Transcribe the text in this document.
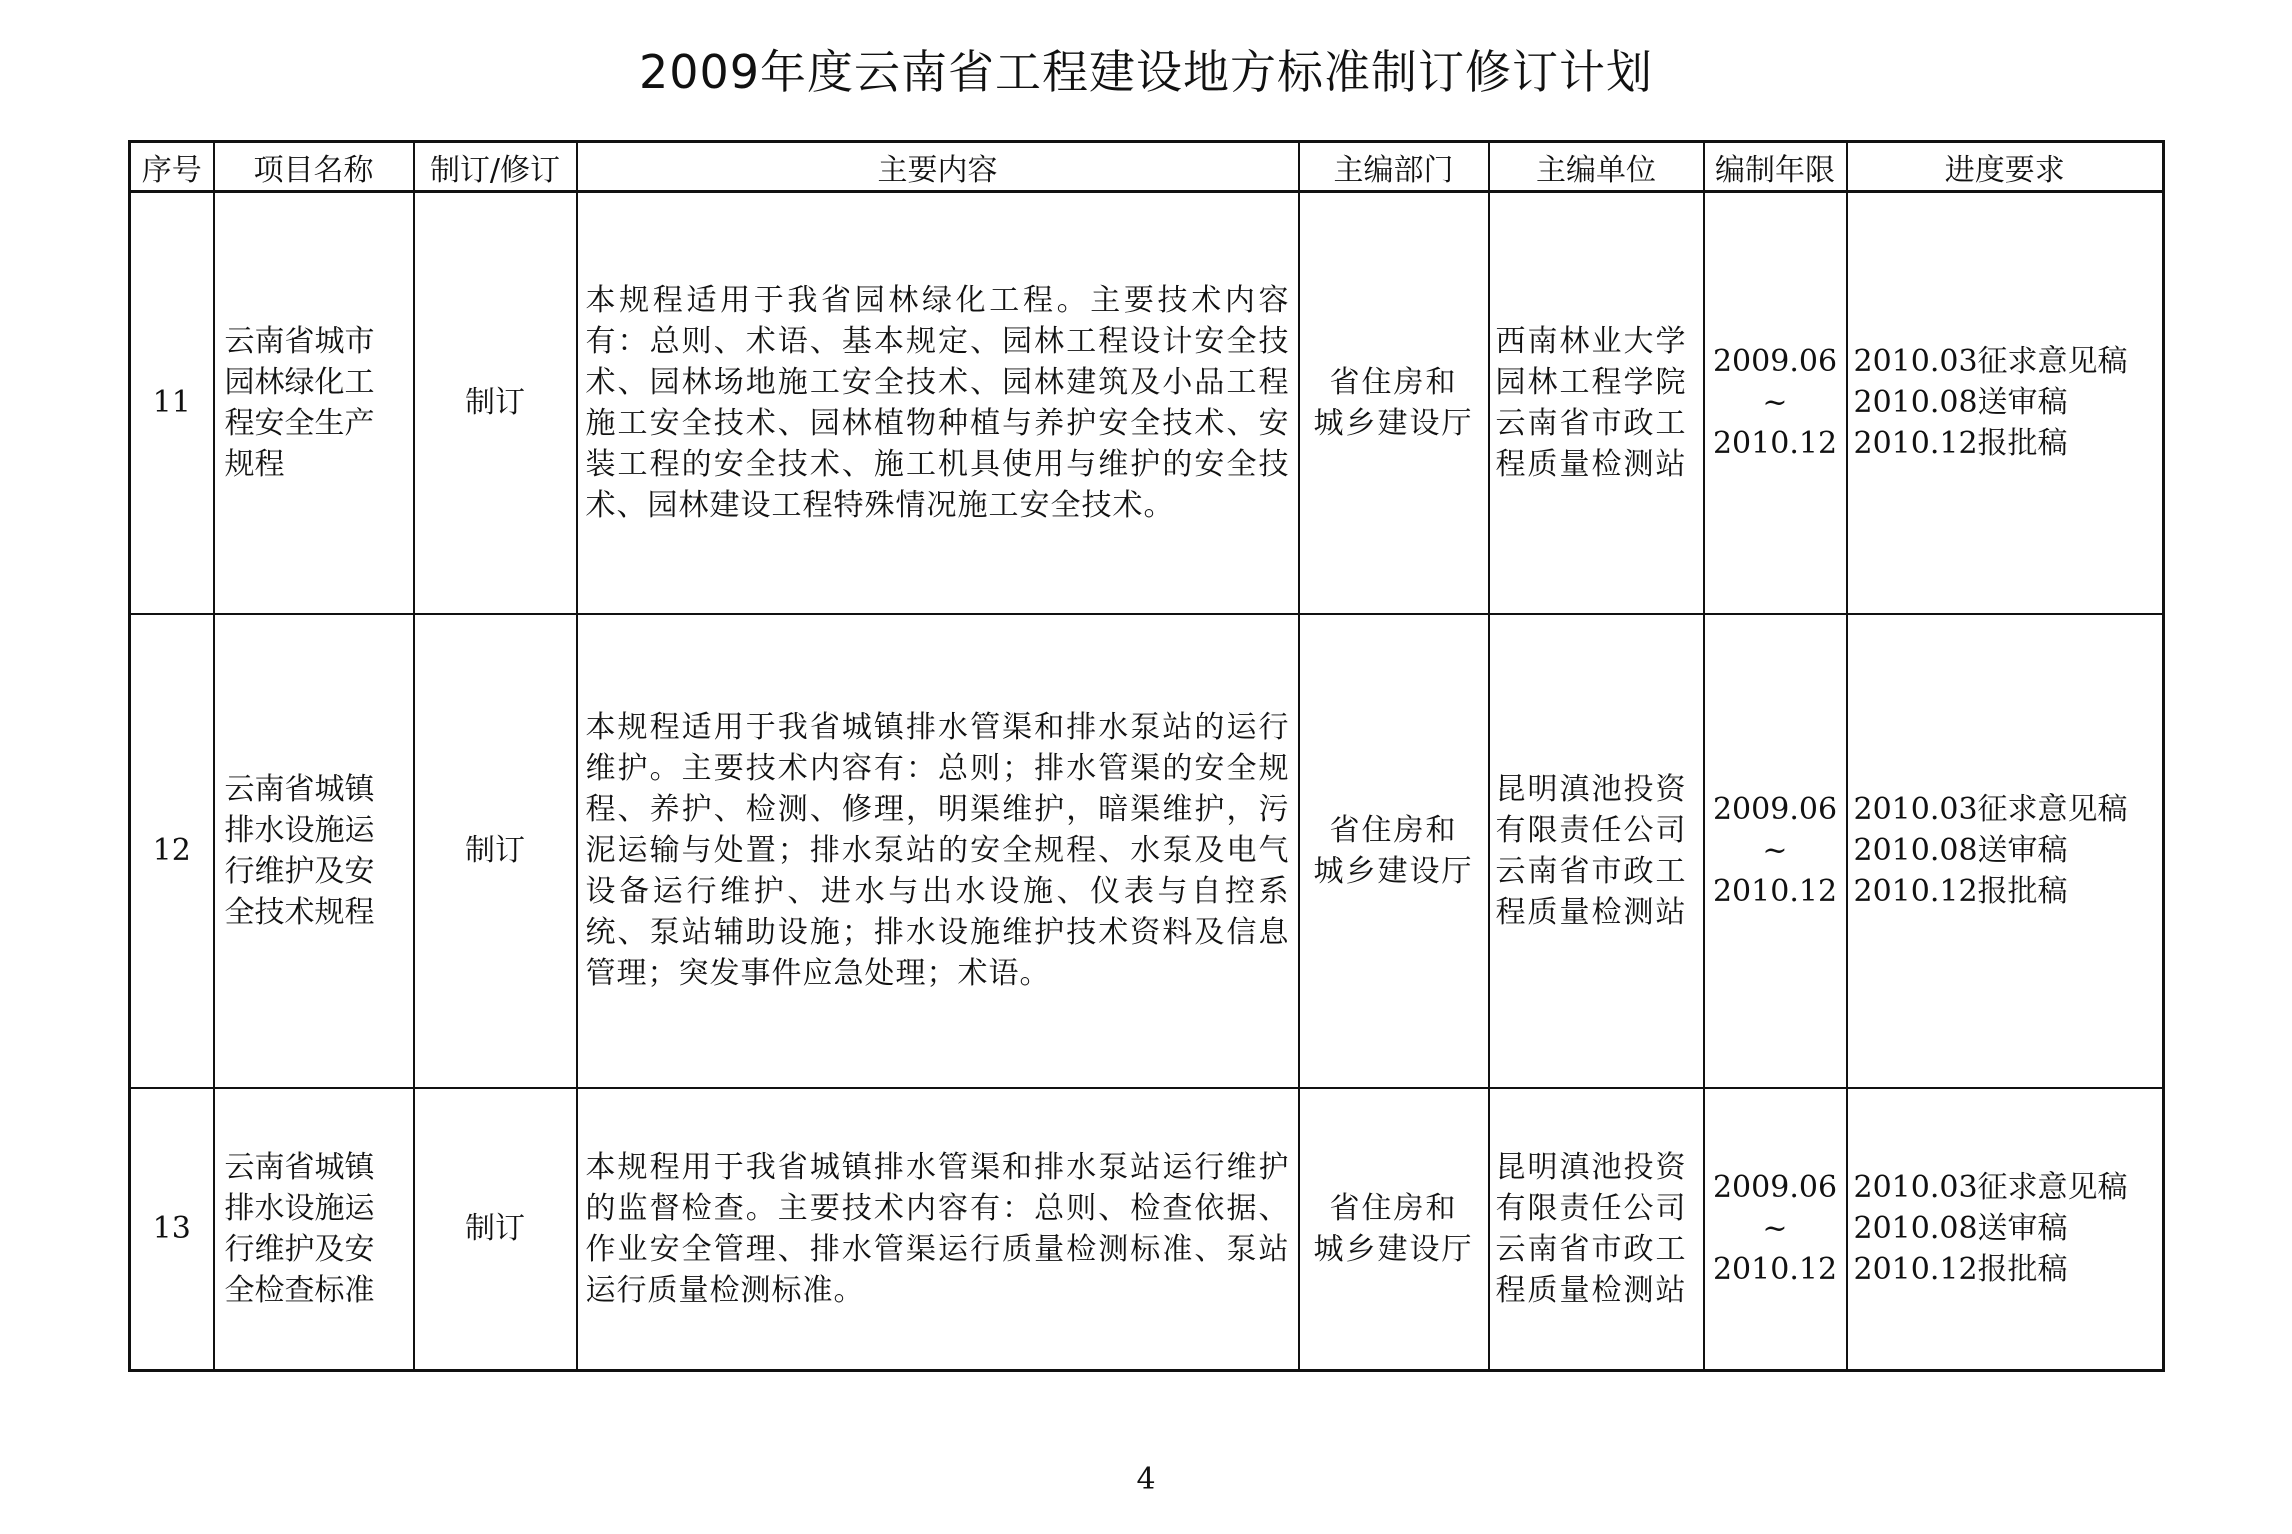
2009年度云南省工程建设地方标准制订修订计划
序号	项目名称	制订/修订	主要内容	主编部门	主编单位	编制年限	进度要求
11	云南省城市
园林绿化工
程安全生产
规程	制订	本规程适用于我省园林绿化工程。主要技术内容有：总则、术语、基本规定、园林工程设计安全技术、园林场地施工安全技术、园林建筑及小品工程施工安全技术、园林植物种植与养护安全技术、安装工程的安全技术、施工机具使用与维护的安全技术、园林建设工程特殊情况施工安全技术。	省住房和
城乡建设厅	西南林业大学
园林工程学院
云南省市政工
程质量检测站	2009.06
~
2010.12	2010.03征求意见稿
2010.08送审稿
2010.12报批稿

12	云南省城镇
排水设施运
行维护及安
全技术规程	制订	本规程适用于我省城镇排水管渠和排水泵站的运行维护。主要技术内容有：总则；排水管渠的安全规程、养护、检测、修理，明渠维护，暗渠维护，污泥运输与处置；排水泵站的安全规程、水泵及电气设备运行维护、进水与出水设施、仪表与自控系统、泵站辅助设施；排水设施维护技术资料及信息管理；突发事件应急处理；术语。	省住房和
城乡建设厅	昆明滇池投资
有限责任公司
云南省市政工
程质量检测站	2009.06
~
2010.12	2010.03征求意见稿
2010.08送审稿
2010.12报批稿

13	云南省城镇
排水设施运
行维护及安
全检查标准	制订	本规程用于我省城镇排水管渠和排水泵站运行维护的监督检查。主要技术内容有：总则、检查依据、作业安全管理、排水管渠运行质量检测标准、泵站运行质量检测标准。	省住房和
城乡建设厅	昆明滇池投资
有限责任公司
云南省市政工
程质量检测站	2009.06
~
2010.12	2010.03征求意见稿
2010.08送审稿
2010.12报批稿
4
